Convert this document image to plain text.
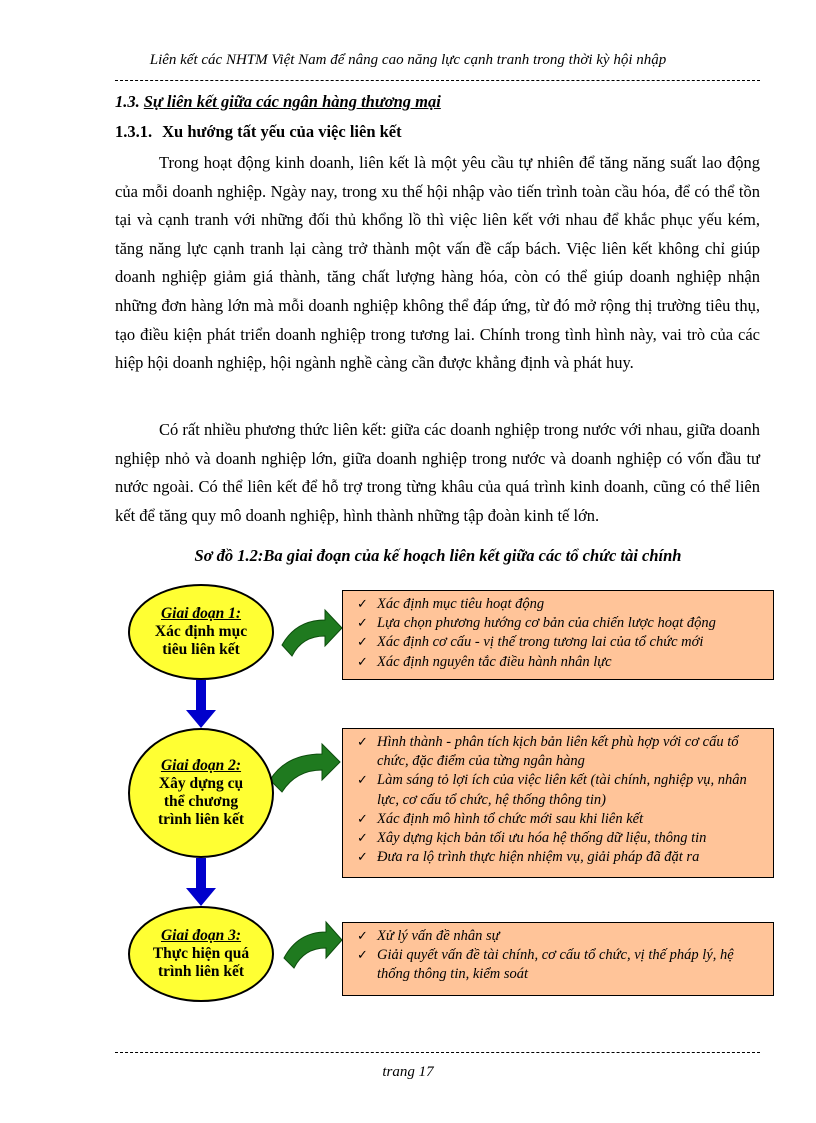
Liên kết các NHTM Việt Nam để nâng cao năng lực cạnh tranh trong thời kỳ hội nhập
1.3. Sự liên kết giữa các ngân hàng thương mại
1.3.1. Xu hướng tất yếu của việc liên kết

Trong hoạt động kinh doanh, liên kết là một yêu cầu tự nhiên để tăng năng suất lao động của mỗi doanh nghiệp. Ngày nay, trong xu thế hội nhập vào tiến trình toàn cầu hóa, để có thể tồn tại và cạnh tranh với những đối thủ khổng lồ thì việc liên kết với nhau để khắc phục yếu kém, tăng năng lực cạnh tranh lại càng trở thành một vấn đề cấp bách. Việc liên kết không chỉ giúp doanh nghiệp giảm giá thành, tăng chất lượng hàng hóa, còn có thể giúp doanh nghiệp nhận những đơn hàng lớn mà mỗi doanh nghiệp không thể đáp ứng, từ đó mở rộng thị trường tiêu thụ, tạo điều kiện phát triển doanh nghiệp trong tương lai. Chính trong tình hình này, vai trò của các hiệp hội doanh nghiệp, hội ngành nghề càng cần được khẳng định và phát huy.

Có rất nhiều phương thức liên kết: giữa các doanh nghiệp trong nước với nhau, giữa doanh nghiệp nhỏ và doanh nghiệp lớn, giữa doanh nghiệp trong nước và doanh nghiệp có vốn đầu tư nước ngoài. Có thể liên kết để hỗ trợ trong từng khâu của quá trình kinh doanh, cũng có thể liên kết để tăng quy mô doanh nghiệp, hình thành những tập đoàn kinh tế lớn.

Sơ đồ 1.2:Ba giai đoạn của kế hoạch liên kết giữa các tổ chức tài chính
Giai đoạn 1:
Xác định mục
tiêu liên kết
Giai đoạn 2:
Xây dựng cụ
thể chương
trình liên kết
Giai đoạn 3:
Thực hiện quá
trình liên kết
✓ Xác định mục tiêu hoạt động
✓ Lựa chọn phương hướng cơ bản của chiến lược hoạt động
✓ Xác định cơ cấu - vị thế trong tương lai của tổ chức mới
✓ Xác định nguyên tắc điều hành nhân lực
✓ Hình thành - phân tích kịch bản liên kết phù hợp với cơ cấu tổ chức, đặc điểm của từng ngân hàng
✓ Làm sáng tỏ lợi ích của việc liên kết (tài chính, nghiệp vụ, nhân lực, cơ cấu tổ chức, hệ thống thông tin)
✓ Xác định mô hình tổ chức mới sau khi liên kết
✓ Xây dựng kịch bản tối ưu hóa hệ thống dữ liệu, thông tin
✓ Đưa ra lộ trình thực hiện nhiệm vụ, giải pháp đã đặt ra
✓ Xử lý vấn đề nhân sự
✓ Giải quyết vấn đề tài chính, cơ cấu tổ chức, vị thế pháp lý, hệ thống thông tin, kiểm soát
trang 17
